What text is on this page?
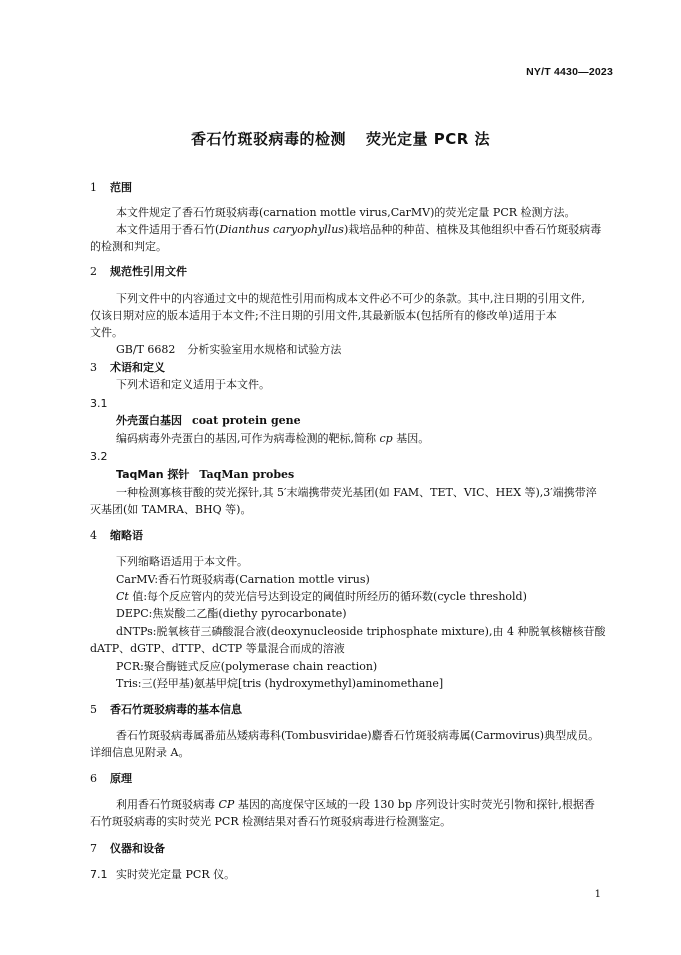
NY/T 4430—2023
香石竹斑驳病毒的检测 荧光定量 PCR 法
1 范围
本文件规定了香石竹斑驳病毒(carnation mottle virus,CarMV)的荧光定量 PCR 检测方法。
本文件适用于香石竹(Dianthus caryophyllus)栽培品种的种苗、植株及其他组织中香石竹斑驳病毒
的检测和判定。
2 规范性引用文件
下列文件中的内容通过文中的规范性引用而构成本文件必不可少的条款。其中,注日期的引用文件,
仅该日期对应的版本适用于本文件;不注日期的引用文件,其最新版本(包括所有的修改单)适用于本
文件。
GB/T 6682 分析实验室用水规格和试验方法
3 术语和定义
下列术语和定义适用于本文件。
3.1
外壳蛋白基因 coat protein gene
编码病毒外壳蛋白的基因,可作为病毒检测的靶标,简称 cp 基因。
3.2
TaqMan 探针 TaqMan probes
一种检测寡核苷酸的荧光探针,其 5′末端携带荧光基团(如 FAM、TET、VIC、HEX 等),3′端携带淬
灭基团(如 TAMRA、BHQ 等)。
4 缩略语
下列缩略语适用于本文件。
CarMV:香石竹斑驳病毒(Carnation mottle virus)
Ct 值:每个反应管内的荧光信号达到设定的阈值时所经历的循环数(cycle threshold)
DEPC:焦炭酸二乙酯(diethy pyrocarbonate)
dNTPs:脱氧核苷三磷酸混合液(deoxynucleoside triphosphate mixture),由 4 种脱氧核糖核苷酸
dATP、dGTP、dTTP、dCTP 等量混合而成的溶液
PCR:聚合酶链式反应(polymerase chain reaction)
Tris:三(羟甲基)氨基甲烷[tris (hydroxymethyl)aminomethane]
5 香石竹斑驳病毒的基本信息
香石竹斑驳病毒属番茄丛矮病毒科(Tombusviridae)麝香石竹斑驳病毒属(Carmovirus)典型成员。
详细信息见附录 A。
6 原理
利用香石竹斑驳病毒 CP 基因的高度保守区域的一段 130 bp 序列设计实时荧光引物和探针,根据香
石竹斑驳病毒的实时荧光 PCR 检测结果对香石竹斑驳病毒进行检测鉴定。
7 仪器和设备
7.1 实时荧光定量 PCR 仪。
1
